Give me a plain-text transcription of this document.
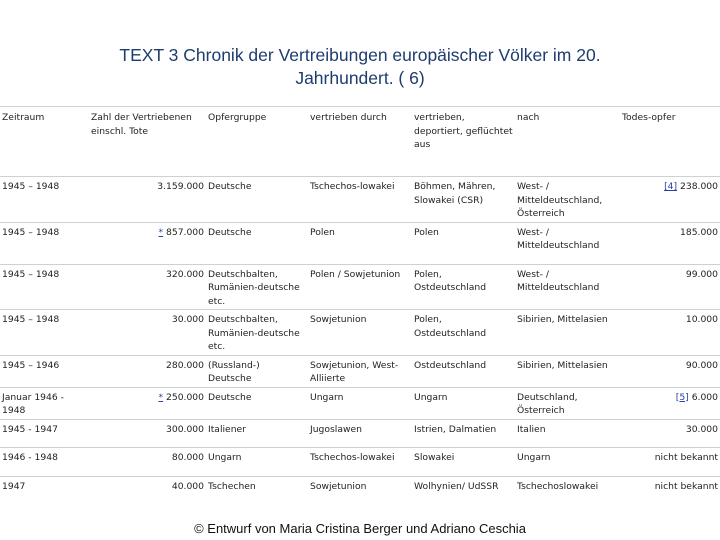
TEXT 3 Chronik der Vertreibungen europäischer Völker im 20.
Jahrhundert. ( 6)
Zeitraum	Zahl der Vertriebenen einschl. Tote	Opfergruppe	vertrieben durch	vertrieben, deportiert, geflüchtet aus	nach	Todes-opfer
1945 – 1948	3.159.000	Deutsche	Tschechos-lowakei	Böhmen, Mähren, Slowakei (CSR)	West- / Mitteldeutschland, Österreich	[4] 238.000
1945 – 1948	* 857.000	Deutsche	Polen	Polen	West- / Mitteldeutschland	185.000
1945 – 1948	320.000	Deutschbalten, Rumänien-deutsche etc.	Polen / Sowjetunion	Polen, Ostdeutschland	West- / Mitteldeutschland	99.000
1945 – 1948	30.000	Deutschbalten, Rumänien-deutsche etc.	Sowjetunion	Polen, Ostdeutschland	Sibirien, Mittelasien	10.000
1945 – 1946	280.000	(Russland-) Deutsche	Sowjetunion, West-Alliierte	Ostdeutschland	Sibirien, Mittelasien	90.000
Januar 1946 - 1948	* 250.000	Deutsche	Ungarn	Ungarn	Deutschland, Österreich	[5] 6.000
1945 - 1947	300.000	Italiener	Jugoslawen	Istrien, Dalmatien	Italien	30.000
1946 - 1948	80.000	Ungarn	Tschechos-lowakei	Slowakei	Ungarn	nicht bekannt
1947	40.000	Tschechen	Sowjetunion	Wolhynien/ UdSSR	Tschechoslowakei	nicht bekannt
© Entwurf von Maria Cristina Berger und Adriano Ceschia
